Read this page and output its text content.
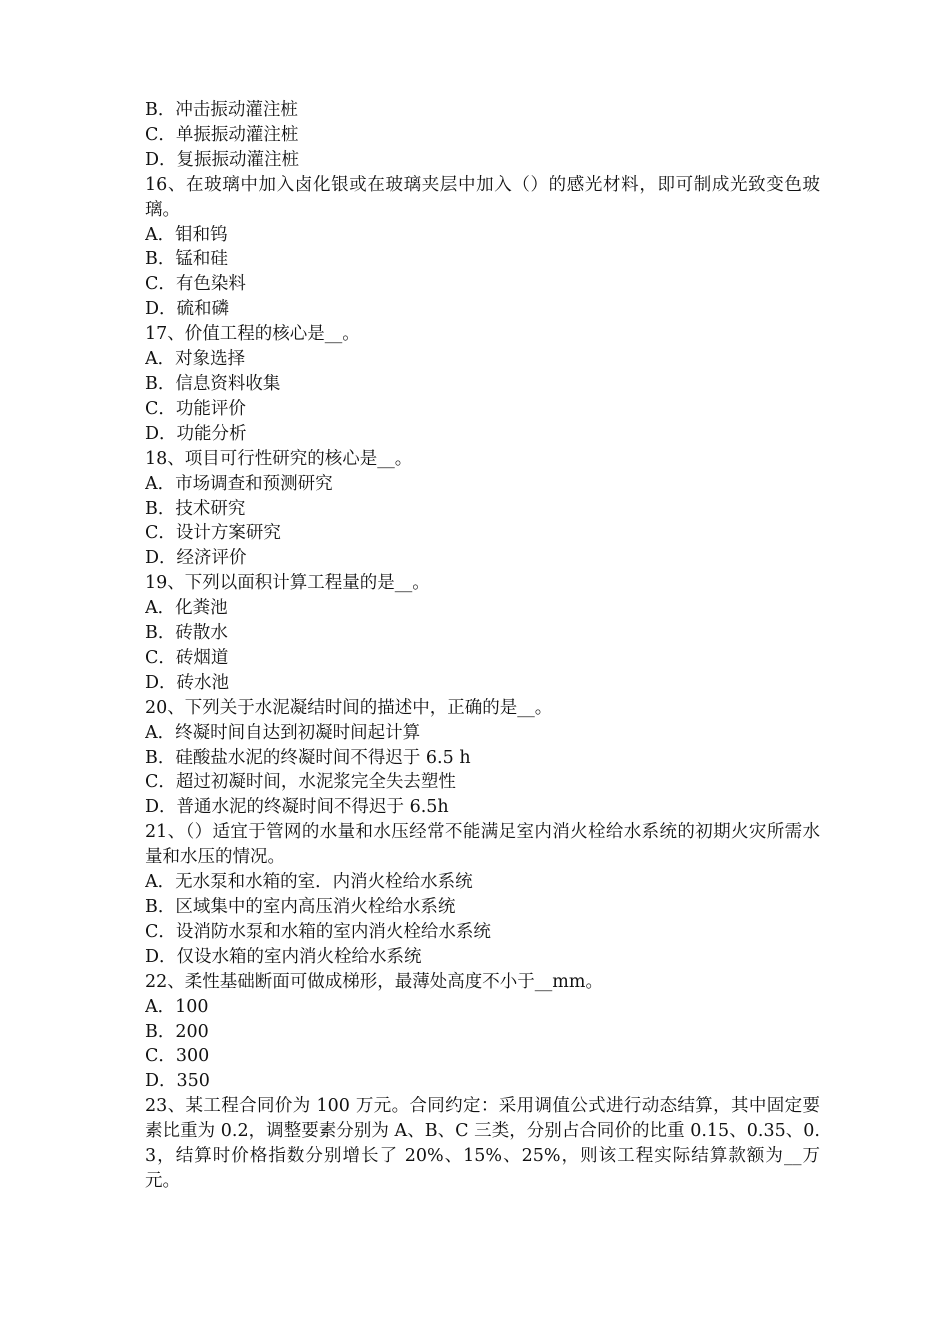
B．冲击振动灌注桩
C．单振振动灌注桩
D．复振振动灌注桩
16、在玻璃中加入卤化银或在玻璃夹层中加入（）的感光材料，即可制成光致变色玻璃。
A．钼和钨
B．锰和硅
C．有色染料
D．硫和磷
17、价值工程的核心是__。
A．对象选择
B．信息资料收集
C．功能评价
D．功能分析
18、项目可行性研究的核心是__。
A．市场调查和预测研究
B．技术研究
C．设计方案研究
D．经济评价
19、下列以面积计算工程量的是__。
A．化粪池
B．砖散水
C．砖烟道
D．砖水池
20、下列关于水泥凝结时间的描述中，正确的是__。
A．终凝时间自达到初凝时间起计算
B．硅酸盐水泥的终凝时间不得迟于 6.5 h
C．超过初凝时间，水泥浆完全失去塑性
D．普通水泥的终凝时间不得迟于 6.5h
21、（）适宜于管网的水量和水压经常不能满足室内消火栓给水系统的初期火灾所需水量和水压的情况。
A．无水泵和水箱的室．内消火栓给水系统
B．区域集中的室内高压消火栓给水系统
C．设消防水泵和水箱的室内消火栓给水系统
D．仅设水箱的室内消火栓给水系统
22、柔性基础断面可做成梯形，最薄处高度不小于__mm。
A．100
B．200
C．300
D．350
23、某工程合同价为 100 万元。合同约定：采用调值公式进行动态结算，其中固定要素比重为 0.2，调整要素分别为 A、B、C 三类，分别占合同价的比重 0.15、0.35、0.3，结算时价格指数分别增长了 20%、15%、25%，则该工程实际结算款额为__万元。
